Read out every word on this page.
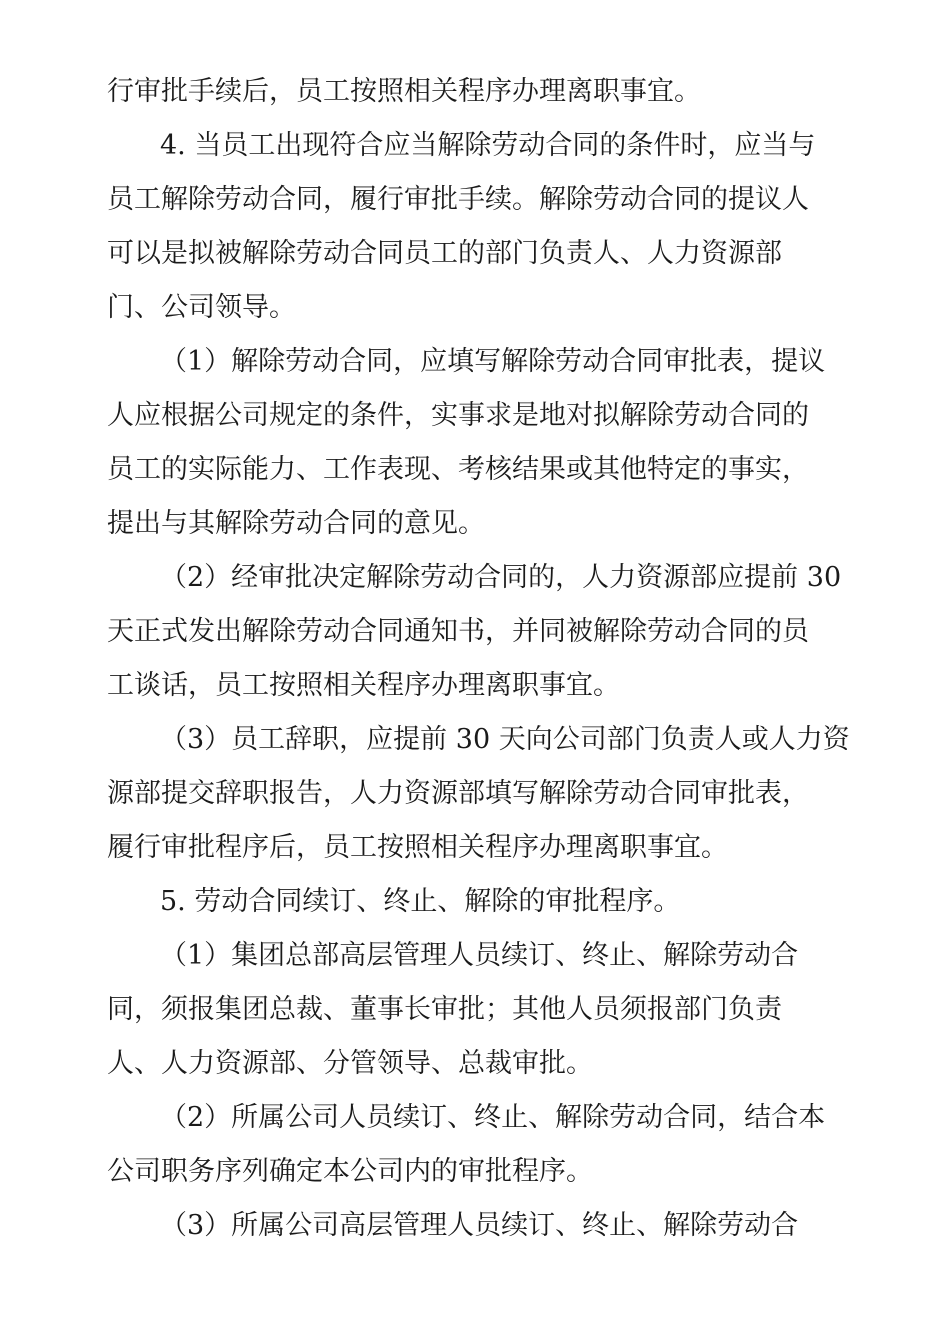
行审批手续后，员工按照相关程序办理离职事宜。
4. 当员工出现符合应当解除劳动合同的条件时，应当与
员工解除劳动合同，履行审批手续。解除劳动合同的提议人
可以是拟被解除劳动合同员工的部门负责人、人力资源部
门、公司领导。
（1）解除劳动合同，应填写解除劳动合同审批表，提议
人应根据公司规定的条件，实事求是地对拟解除劳动合同的
员工的实际能力、工作表现、考核结果或其他特定的事实，
提出与其解除劳动合同的意见。
（2）经审批决定解除劳动合同的，人力资源部应提前 30
天正式发出解除劳动合同通知书，并同被解除劳动合同的员
工谈话，员工按照相关程序办理离职事宜。
（3）员工辞职，应提前 30 天向公司部门负责人或人力资
源部提交辞职报告，人力资源部填写解除劳动合同审批表，
履行审批程序后，员工按照相关程序办理离职事宜。
5. 劳动合同续订、终止、解除的审批程序。
（1）集团总部高层管理人员续订、终止、解除劳动合
同，须报集团总裁、董事长审批；其他人员须报部门负责
人、人力资源部、分管领导、总裁审批。
（2）所属公司人员续订、终止、解除劳动合同，结合本
公司职务序列确定本公司内的审批程序。
（3）所属公司高层管理人员续订、终止、解除劳动合
